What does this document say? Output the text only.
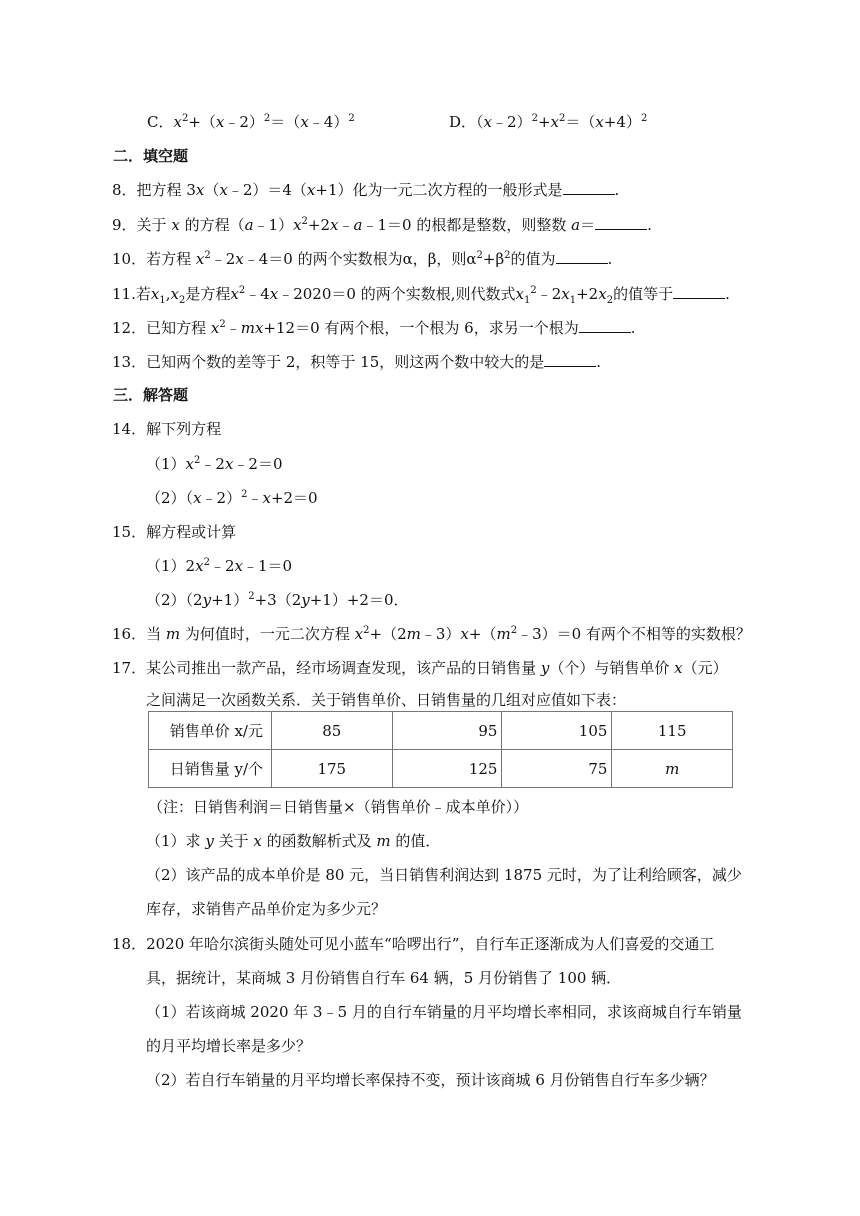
C．$x^2+(x﹣2)^2=(x﹣4)^2$	D．$(x﹣2)^2+x^2=(x+4)^2$
二．填空题
8．把方程 3x（x﹣2）＝4（x+1）化为一元二次方程的一般形式是	.
9．关于 x 的方程$(a﹣1)x^2+2x﹣a﹣1=0$ 的根都是整数，则整数 a＝	.
10．若方程 $x^2﹣2x﹣4=0$ 的两个实数根为α，β，则$\alpha^2+\beta^2$的值为	.
11.若$x_1,x_2$是方程$x^2﹣4x﹣2020=0$ 的两个实数根,则代数式$x_1^2﹣2x_1+2x_2$的值等于	.
12．已知方程 $x^2﹣mx+12=0$ 有两个根，一个根为 6，求另一个根为	.
13．已知两个数的差等于 2，积等于 15，则这两个数中较大的是	.
三．解答题
14．解下列方程
$(1)x^2﹣2x﹣2=0$
（2）（x﹣2）$^2$﹣x+2＝0
15．解方程或计算
$(1)2x^2﹣2x﹣1=0$
$(2)(2y+1)^2+3(2y+1)+2=0$．
16．当 m 为何值时，一元二次方程 $x^2+(2m﹣3)x+(m^2﹣3)=0$ 有两个不相等的实数根？
17．某公司推出一款产品，经市场调查发现，该产品的日销售量 y（个）与销售单价 x（元）
之间满足一次函数关系．关于销售单价、日销售量的几组对应值如下表：
销售单价 x/元	85	95	105	115
日销售量 y/个	175	125	75	m
（注：日销售利润＝日销售量×（销售单价﹣成本单价））
（1）求 y 关于 x 的函数解析式及 m 的值．
（2）该产品的成本单价是 80 元，当日销售利润达到 1875 元时，为了让利给顾客，减少
库存，求销售产品单价定为多少元？
18．2020 年哈尔滨街头随处可见小蓝车“哈啰出行”，自行车正逐渐成为人们喜爱的交通工
具，据统计，某商城 3 月份销售自行车 64 辆，5 月份销售了 100 辆．
（1）若该商城 2020 年 3﹣5 月的自行车销量的月平均增长率相同，求该商城自行车销量
的月平均增长率是多少？
（2）若自行车销量的月平均增长率保持不变，预计该商城 6 月份销售自行车多少辆？
